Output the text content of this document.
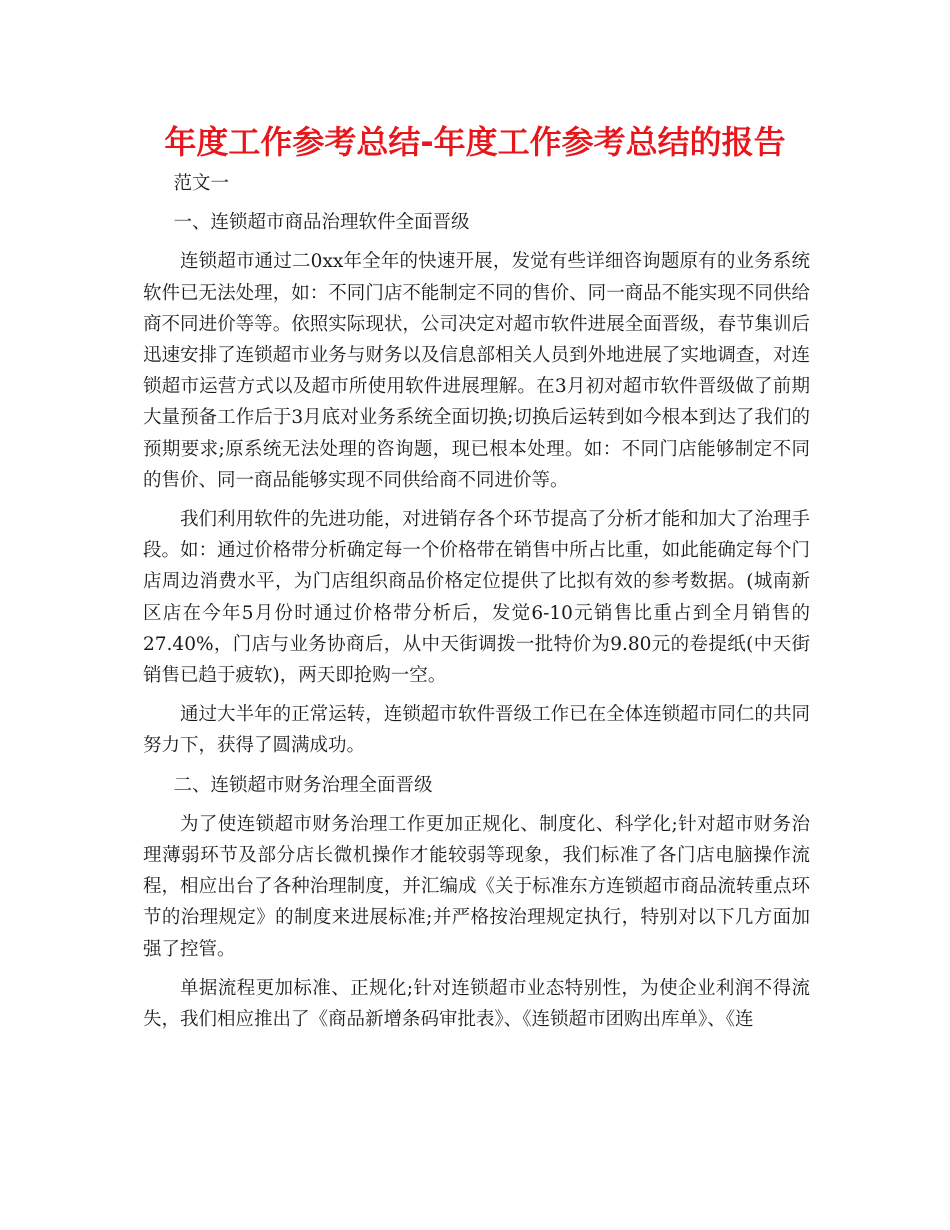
年度工作参考总结-年度工作参考总结的报告

范文一

一、连锁超市商品治理软件全面晋级

连锁超市通过二0xx年全年的快速开展，发觉有些详细咨询题原有的业务系统软件已无法处理，如：不同门店不能制定不同的售价、同一商品不能实现不同供给商不同进价等等。依照实际现状，公司决定对超市软件进展全面晋级，春节集训后迅速安排了连锁超市业务与财务以及信息部相关人员到外地进展了实地调查，对连锁超市运营方式以及超市所使用软件进展理解。在3月初对超市软件晋级做了前期大量预备工作后于3月底对业务系统全面切换;切换后运转到如今根本到达了我们的预期要求;原系统无法处理的咨询题，现已根本处理。如：不同门店能够制定不同的售价、同一商品能够实现不同供给商不同进价等。

我们利用软件的先进功能，对进销存各个环节提高了分析才能和加大了治理手段。如：通过价格带分析确定每一个价格带在销售中所占比重，如此能确定每个门店周边消费水平，为门店组织商品价格定位提供了比拟有效的参考数据。(城南新区店在今年5月份时通过价格带分析后，发觉6-10元销售比重占到全月销售的27.40%，门店与业务协商后，从中天街调拨一批特价为9.80元的卷提纸(中天街销售已趋于疲软)，两天即抢购一空。

通过大半年的正常运转，连锁超市软件晋级工作已在全体连锁超市同仁的共同努力下，获得了圆满成功。

二、连锁超市财务治理全面晋级

为了使连锁超市财务治理工作更加正规化、制度化、科学化;针对超市财务治理薄弱环节及部分店长微机操作才能较弱等现象，我们标准了各门店电脑操作流程，相应出台了各种治理制度，并汇编成《关于标准东方连锁超市商品流转重点环节的治理规定》的制度来进展标准;并严格按治理规定执行，特别对以下几方面加强了控管。

单据流程更加标准、正规化;针对连锁超市业态特别性，为使企业利润不得流失，我们相应推出了《商品新增条码审批表》、《连锁超市团购出库单》、《连
